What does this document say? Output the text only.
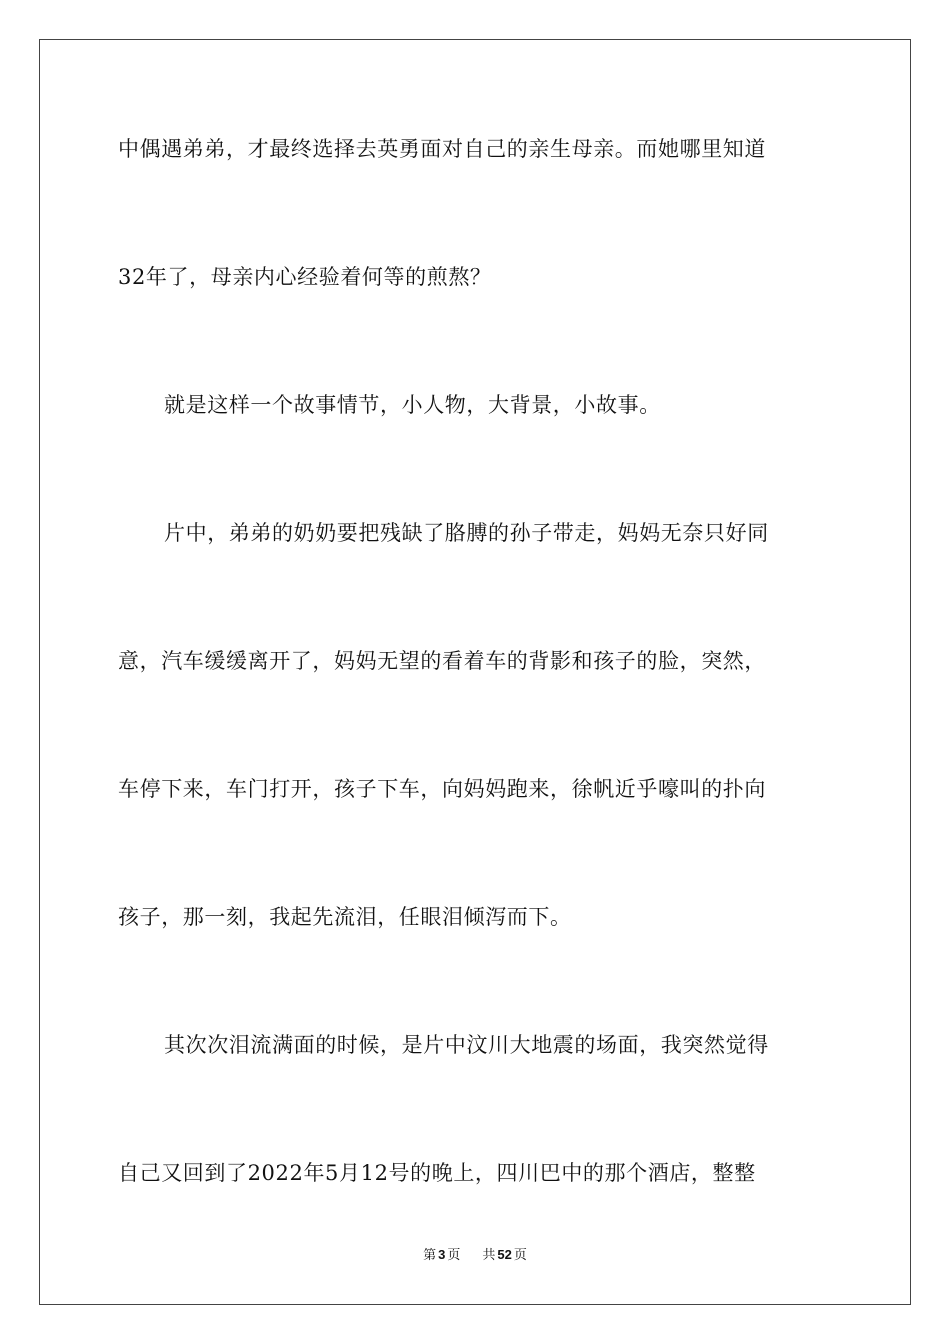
中偶遇弟弟，才最终选择去英勇面对自己的亲生母亲。而她哪里知道
32年了，母亲内心经验着何等的煎熬？
就是这样一个故事情节，小人物，大背景，小故事。
片中，弟弟的奶奶要把残缺了胳膊的孙子带走，妈妈无奈只好同
意，汽车缓缓离开了，妈妈无望的看着车的背影和孩子的脸，突然，
车停下来，车门打开，孩子下车，向妈妈跑来，徐帆近乎嚎叫的扑向
孩子，那一刻，我起先流泪，任眼泪倾泻而下。
其次次泪流满面的时候，是片中汶川大地震的场面，我突然觉得
自己又回到了2022年5月12号的晚上，四川巴中的那个酒店，整整
第 3 页 共 52 页
